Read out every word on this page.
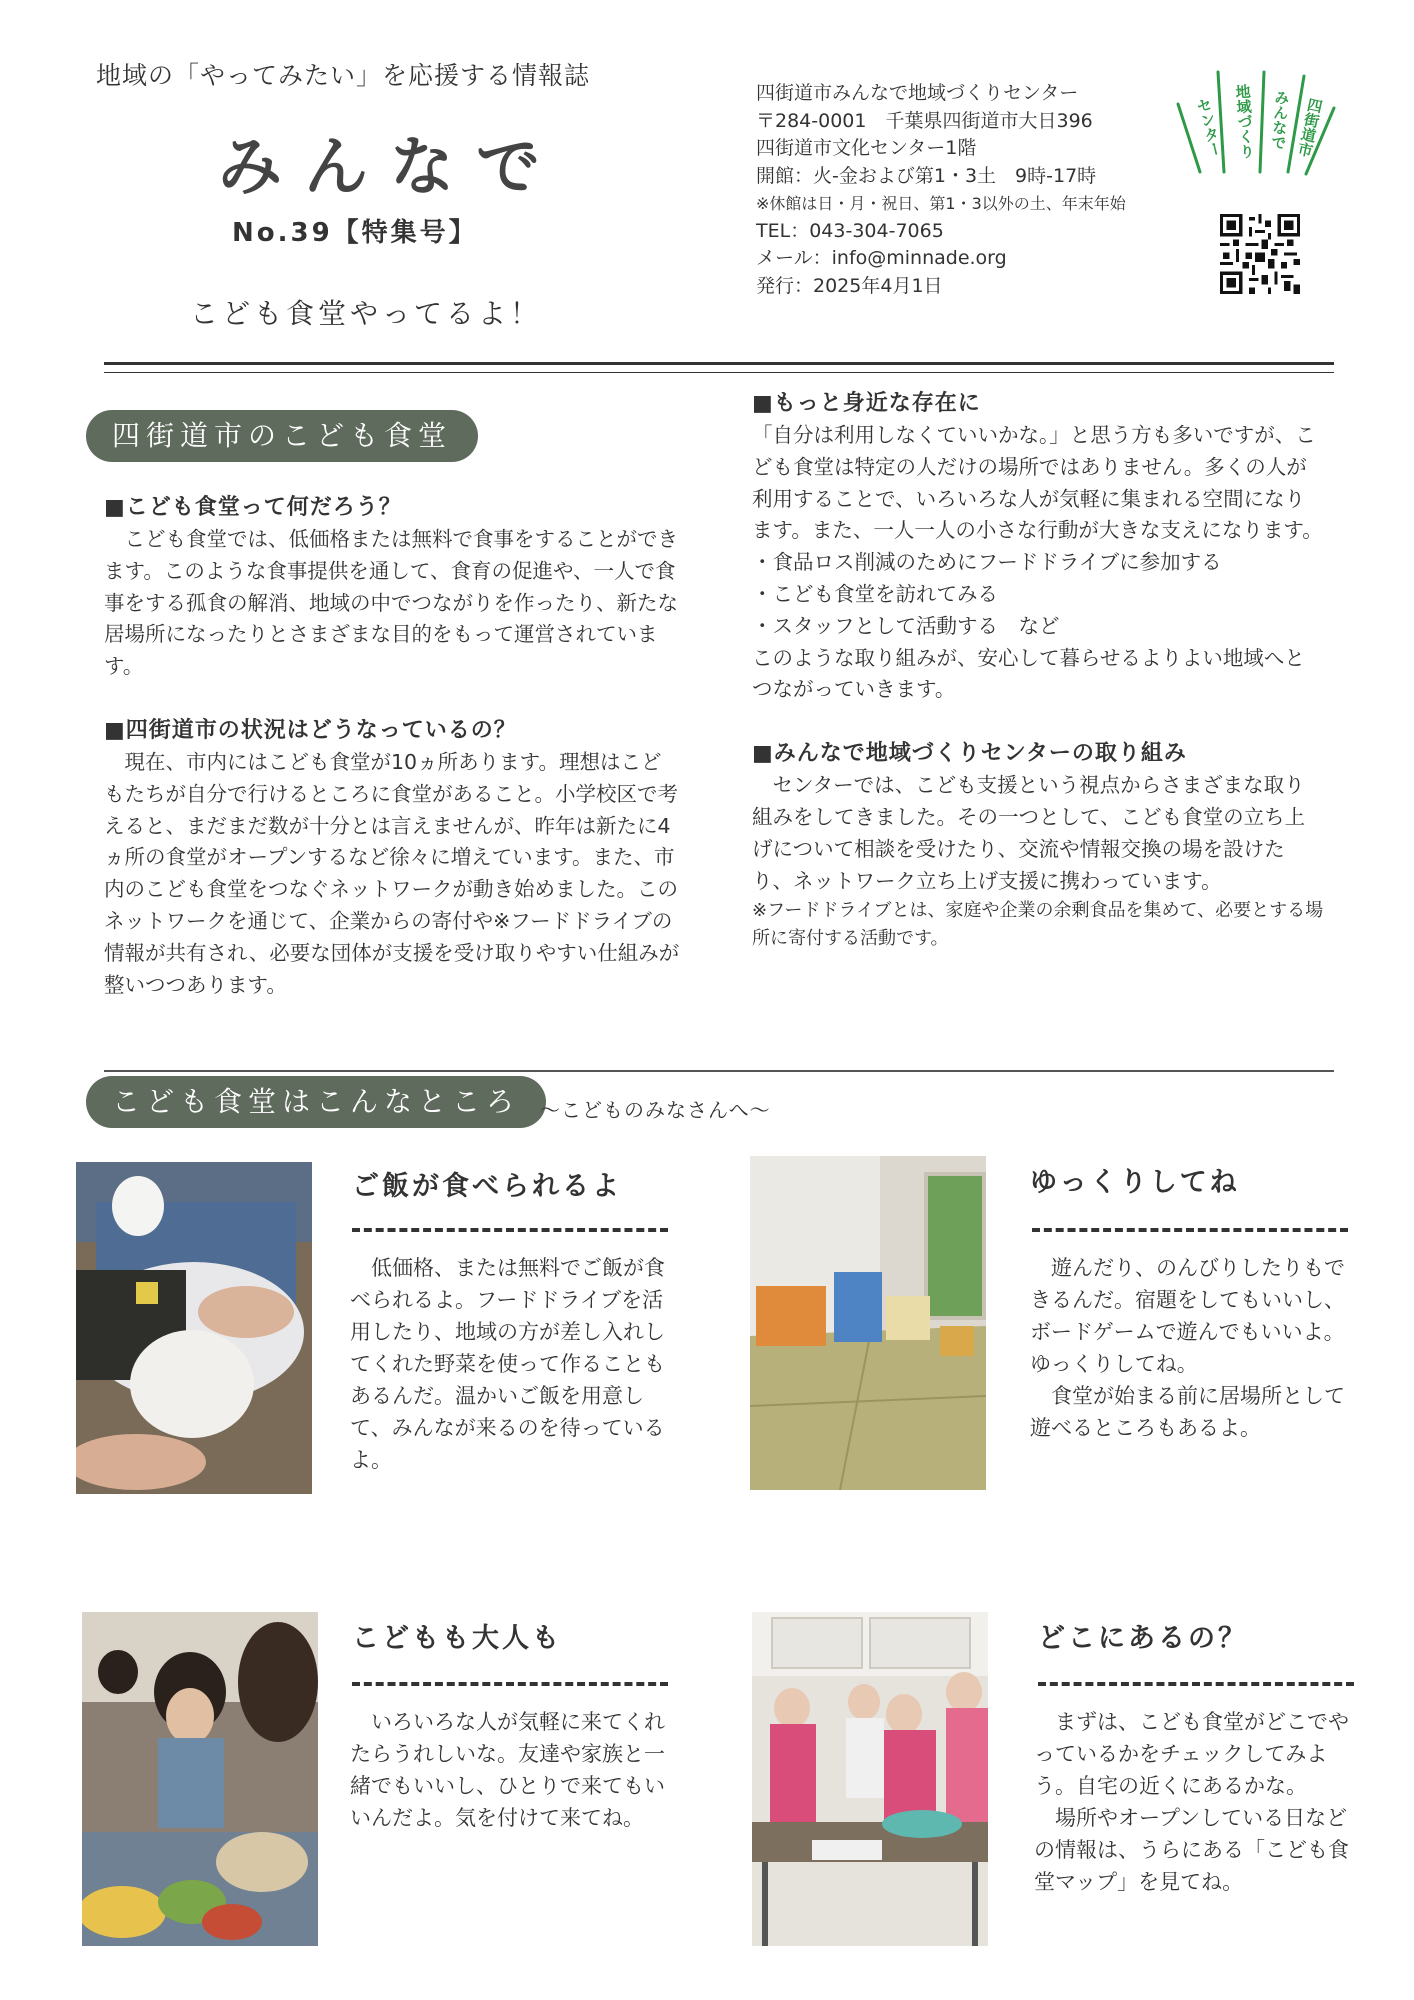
地域の「やってみたい」を応援する情報誌
みんなで
No.39【特集号】
こども食堂やってるよ！
四街道市みんなで地域づくりセンター
〒284-0001　千葉県四街道市大日396
四街道市文化センター1階
開館：火-金および第1・3土　9時-17時
※休館は日・月・祝日、第1・3以外の土、年末年始
TEL：043-304-7065
メール：info@minnade.org
発行：2025年4月1日
四街道市
みんなで
地域づくり
センター
四街道市のこども食堂
■こども食堂って何だろう？

　こども食堂では、低価格または無料で食事をすることができます。このような食事提供を通して、食育の促進や、一人で食事をする孤食の解消、地域の中でつながりを作ったり、新たな居場所になったりとさまざまな目的をもって運営されています。

■四街道市の状況はどうなっているの？

　現在、市内にはこども食堂が10ヵ所あります。理想はこどもたちが自分で行けるところに食堂があること。小学校区で考えると、まだまだ数が十分とは言えませんが、昨年は新たに4ヵ所の食堂がオープンするなど徐々に増えています。また、市内のこども食堂をつなぐネットワークが動き始めました。このネットワークを通じて、企業からの寄付や※フードドライブの情報が共有され、必要な団体が支援を受け取りやすい仕組みが整いつつあります。

■もっと身近な存在に

「自分は利用しなくていいかな。」と思う方も多いですが、こども食堂は特定の人だけの場所ではありません。多くの人が利用することで、いろいろな人が気軽に集まれる空間になります。また、一人一人の小さな行動が大きな支えになります。

・食品ロス削減のためにフードドライブに参加する

・こども食堂を訪れてみる

・スタッフとして活動する　など

このような取り組みが、安心して暮らせるよりよい地域へとつながっていきます。

■みんなで地域づくりセンターの取り組み

　センターでは、こども支援という視点からさまざまな取り組みをしてきました。その一つとして、こども食堂の立ち上げについて相談を受けたり、交流や情報交換の場を設けたり、ネットワーク立ち上げ支援に携わっています。

※フードドライブとは、家庭や企業の余剰食品を集めて、必要とする場所に寄付する活動です。

こども食堂はこんなところ ～こどものみなさんへ～
ご飯が食べられるよ

　低価格、または無料でご飯が食べられるよ。フードドライブを活用したり、地域の方が差し入れしてくれた野菜を使って作ることもあるんだ。温かいご飯を用意して、みんなが来るのを待っているよ。

ゆっくりしてね

　遊んだり、のんびりしたりもできるんだ。宿題をしてもいいし、ボードゲームで遊んでもいいよ。ゆっくりしてね。

　食堂が始まる前に居場所として遊べるところもあるよ。

こどもも大人も

　いろいろな人が気軽に来てくれたらうれしいな。友達や家族と一緒でもいいし、ひとりで来てもいいんだよ。気を付けて来てね。

どこにあるの？

　まずは、こども食堂がどこでやっているかをチェックしてみよう。自宅の近くにあるかな。

　場所やオープンしている日などの情報は、うらにある「こども食堂マップ」を見てね。
